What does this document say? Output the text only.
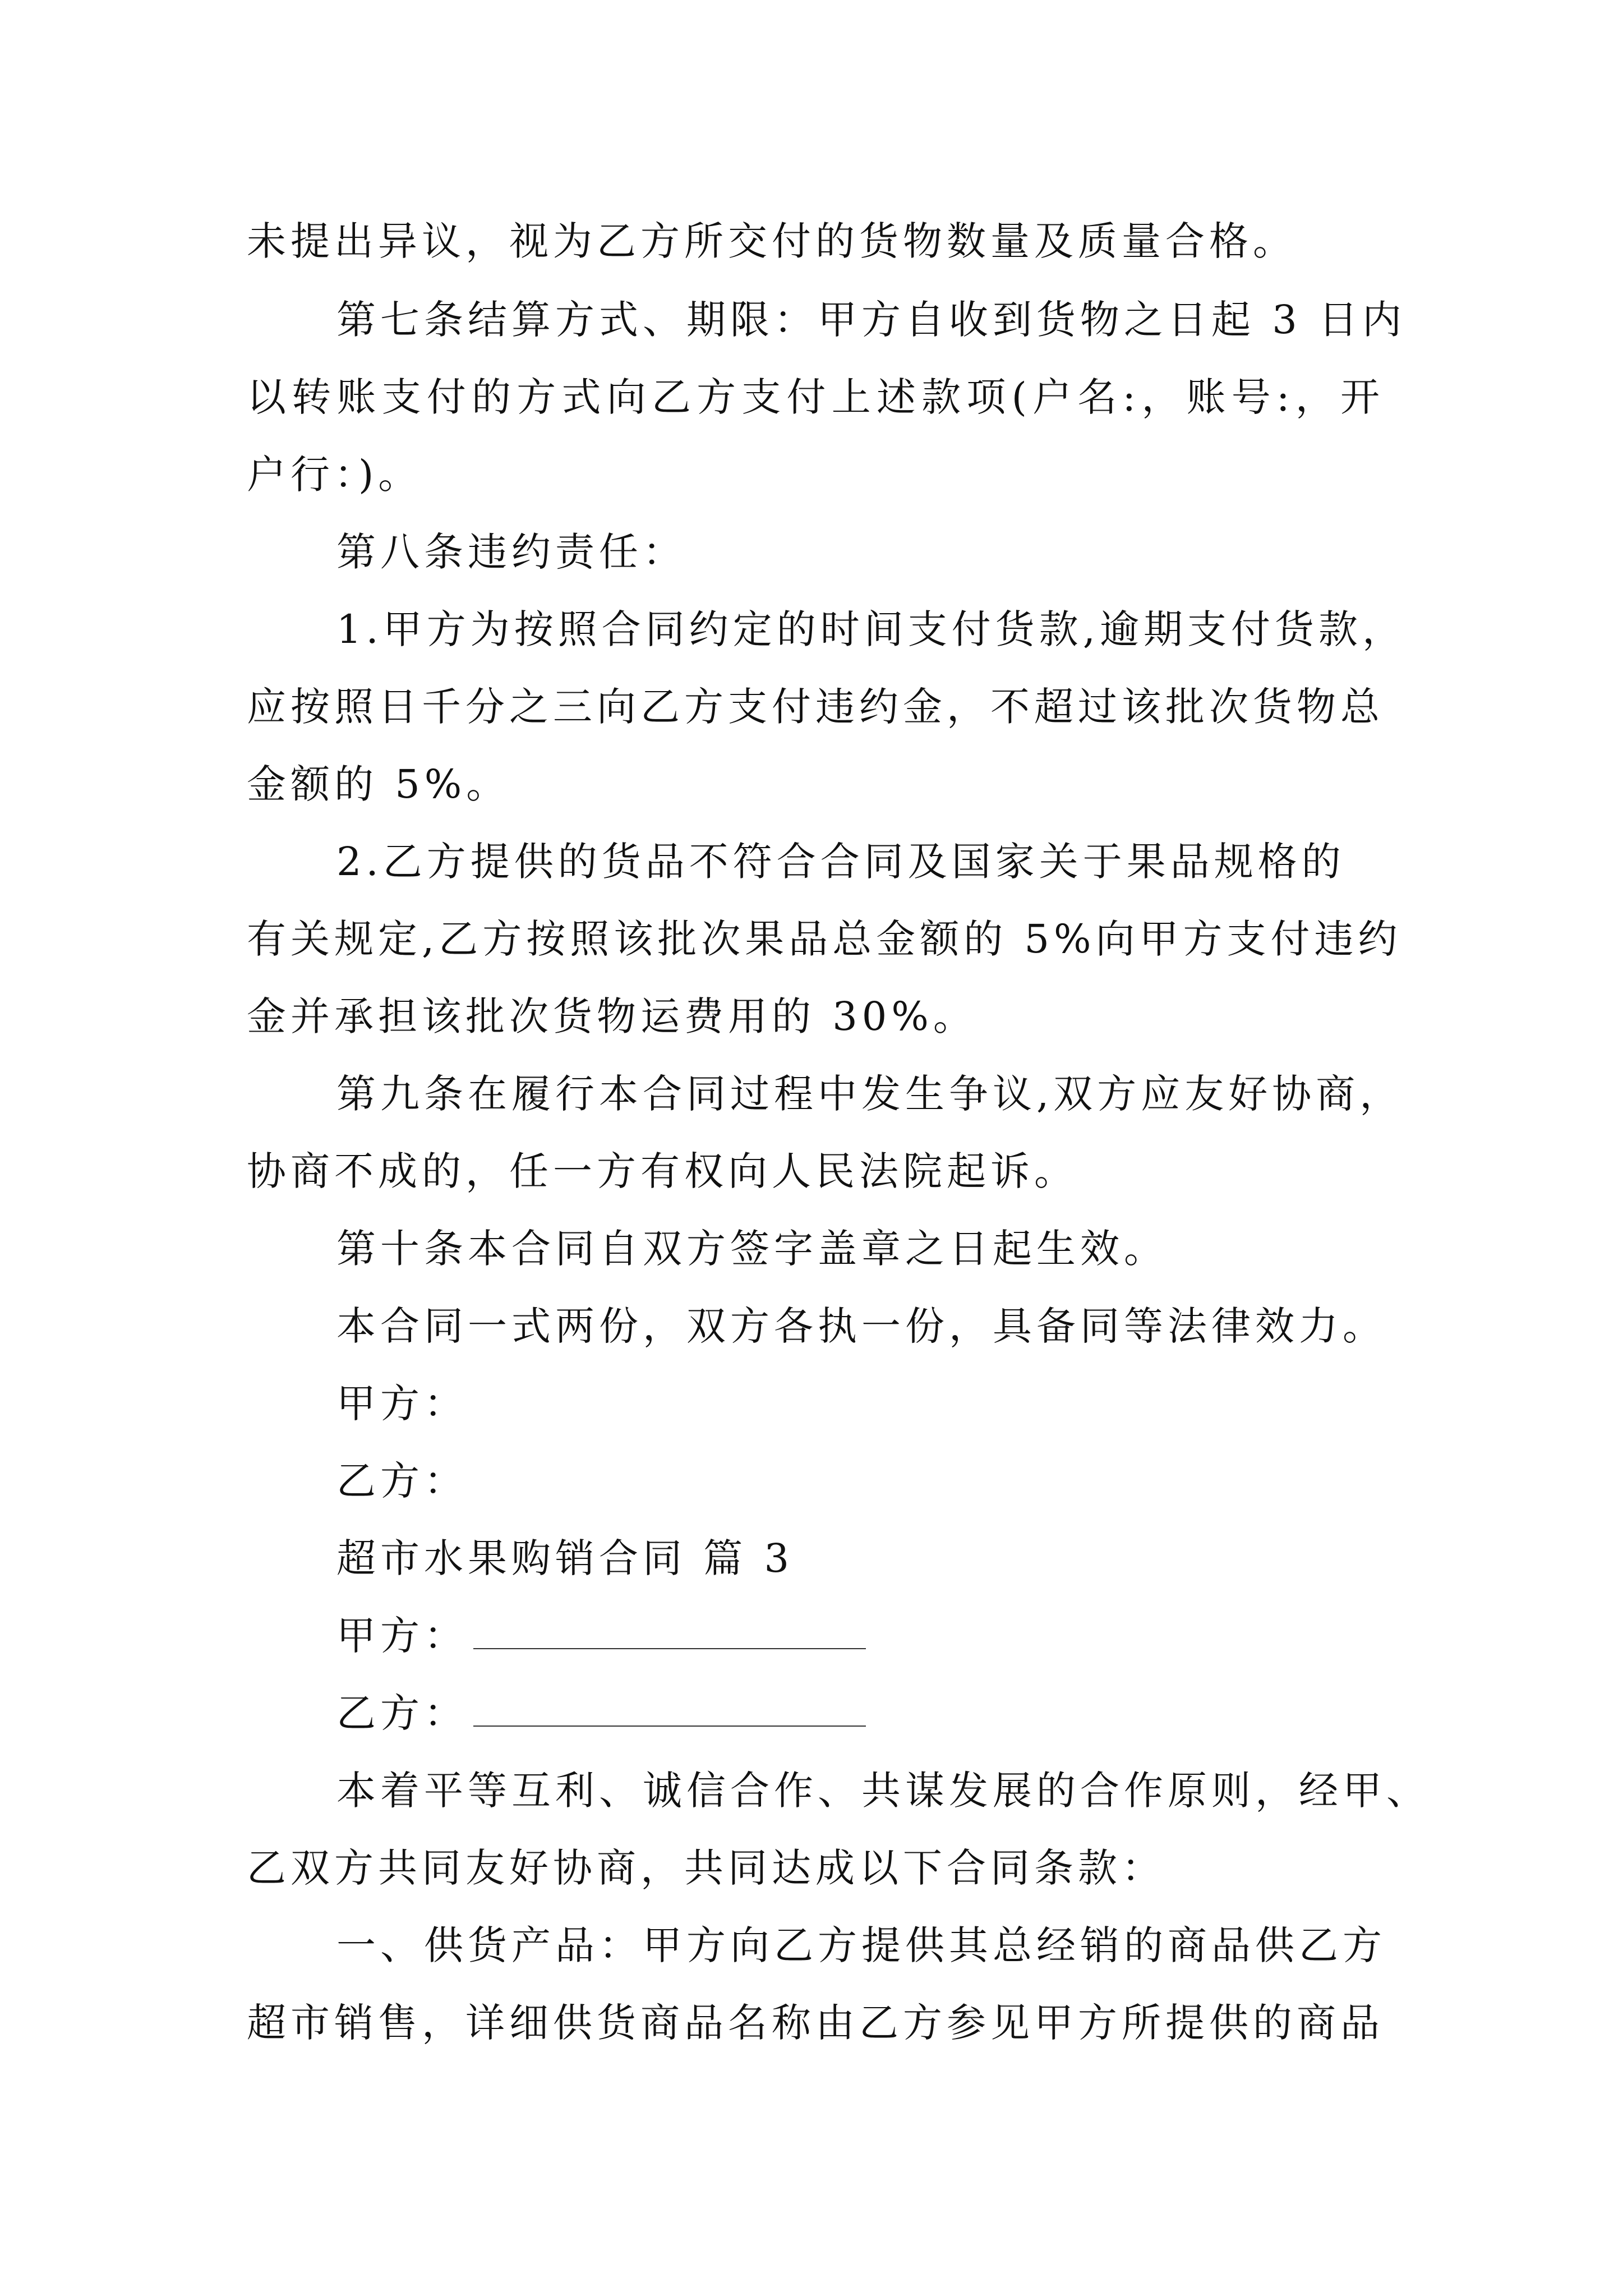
未提出异议，视为乙方所交付的货物数量及质量合格。
第七条结算方式、期限：甲方自收到货物之日起 3 日内
以转账支付的方式向乙方支付上述款项(户名:，账号:，开
户行：)。
第八条违约责任：
1.甲方为按照合同约定的时间支付货款,逾期支付货款，
应按照日千分之三向乙方支付违约金，不超过该批次货物总
金额的 5%。
2.乙方提供的货品不符合合同及国家关于果品规格的
有关规定,乙方按照该批次果品总金额的 5%向甲方支付违约
金并承担该批次货物运费用的 30%。
第九条在履行本合同过程中发生争议,双方应友好协商，
协商不成的，任一方有权向人民法院起诉。
第十条本合同自双方签字盖章之日起生效。
本合同一式两份，双方各执一份，具备同等法律效力。
甲方：
乙方：
超市水果购销合同 篇 3
甲方：
乙方：
本着平等互利、诚信合作、共谋发展的合作原则，经甲、
乙双方共同友好协商，共同达成以下合同条款：
一、供货产品：甲方向乙方提供其总经销的商品供乙方
超市销售，详细供货商品名称由乙方参见甲方所提供的商品
